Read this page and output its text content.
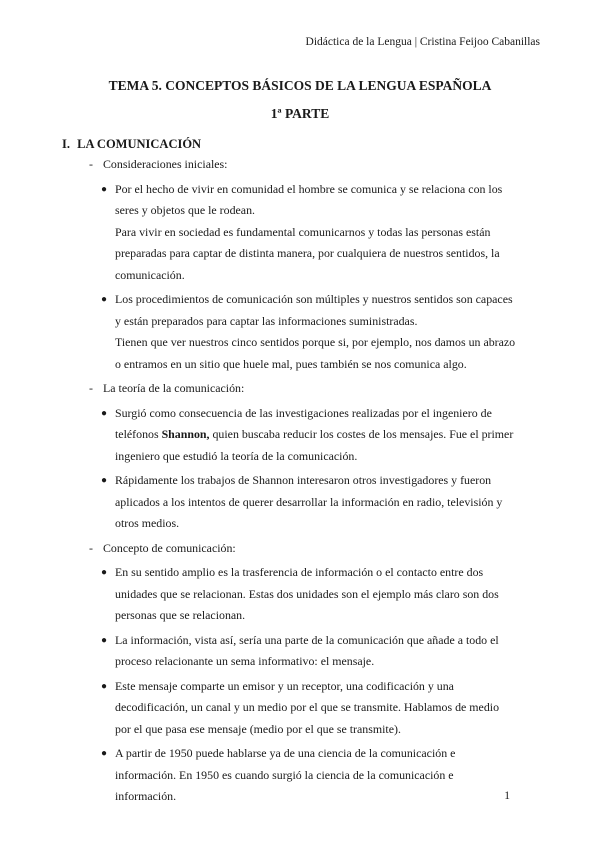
Didáctica de la Lengua | Cristina Feijoo Cabanillas
TEMA 5. CONCEPTOS BÁSICOS DE LA LENGUA ESPAÑOLA
1ª PARTE
I. LA COMUNICACIÓN

- Consideraciones iniciales:

● Por el hecho de vivir en comunidad el hombre se comunica y se relaciona con los
seres y objetos que le rodean.
Para vivir en sociedad es fundamental comunicarnos y todas las personas están
preparadas para captar de distinta manera, por cualquiera de nuestros sentidos, la
comunicación.
● Los procedimientos de comunicación son múltiples y nuestros sentidos son capaces
y están preparados para captar las informaciones suministradas.
Tienen que ver nuestros cinco sentidos porque si, por ejemplo, nos damos un abrazo
o entramos en un sitio que huele mal, pues también se nos comunica algo.

- La teoría de la comunicación:

● Surgió como consecuencia de las investigaciones realizadas por el ingeniero de
teléfonos Shannon, quien buscaba reducir los costes de los mensajes. Fue el primer
ingeniero que estudió la teoría de la comunicación.
● Rápidamente los trabajos de Shannon interesaron otros investigadores y fueron
aplicados a los intentos de querer desarrollar la información en radio, televisión y
otros medios.

- Concepto de comunicación:

● En su sentido amplio es la trasferencia de información o el contacto entre dos
unidades que se relacionan. Estas dos unidades son el ejemplo más claro son dos
personas que se relacionan.
● La información, vista así, sería una parte de la comunicación que añade a todo el
proceso relacionante un sema informativo: el mensaje.
● Este mensaje comparte un emisor y un receptor, una codificación y una
decodificación, un canal y un medio por el que se transmite. Hablamos de medio
por el que pasa ese mensaje (medio por el que se transmite).
● A partir de 1950 puede hablarse ya de una ciencia de la comunicación e
información. En 1950 es cuando surgió la ciencia de la comunicación e
información.	1
